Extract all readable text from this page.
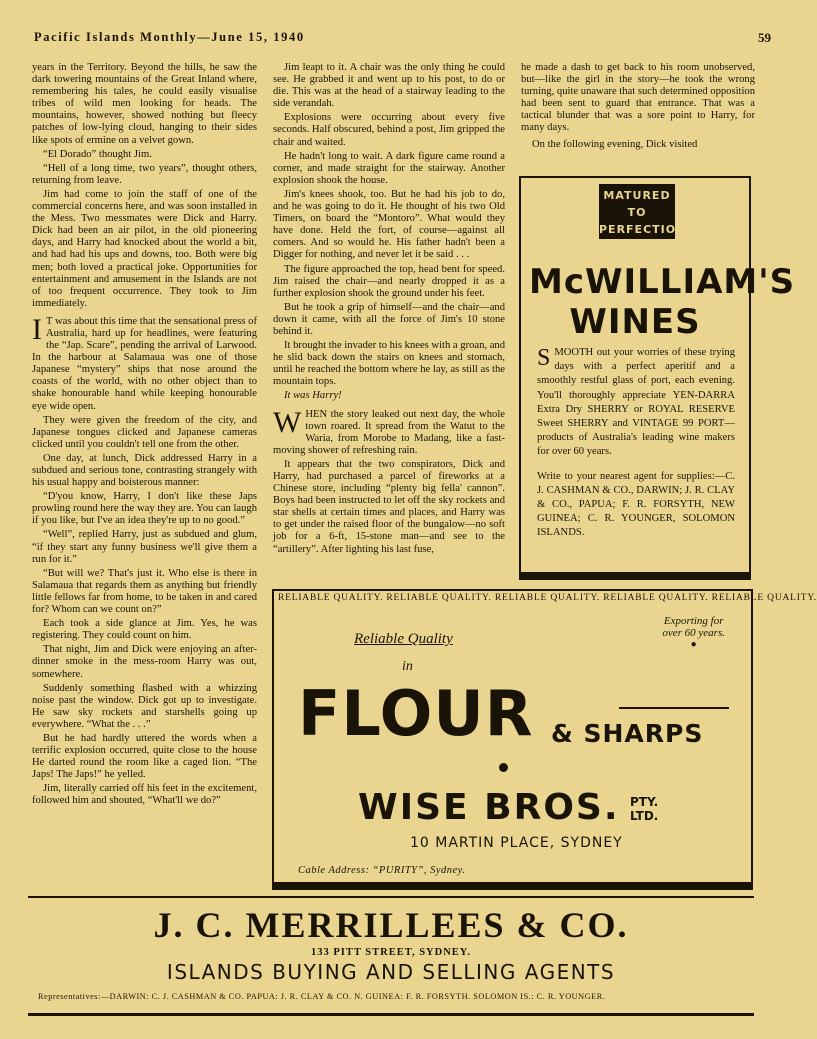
Pacific Islands Monthly—June 15, 1940	59

years in the Territory. Beyond the hills, he saw the dark towering mountains of the Great Inland where, remembering his tales, he could easily visualise tribes of wild men looking for heads. The mountains, however, showed nothing but fleecy patches of low-lying cloud, hanging to their sides like spots of ermine on a velvet gown.

“El Dorado” thought Jim.

“Hell of a long time, two years”, thought others, returning from leave.

Jim had come to join the staff of one of the commercial concerns here, and was soon installed in the Mess. Two messmates were Dick and Harry. Dick had been an air pilot, in the old pioneering days, and Harry had knocked about the world a bit, and had had his ups and downs, too. Both were big men; both loved a practical joke. Opportunities for entertainment and amusement in the Islands are not of too frequent occurrence. They took to Jim immediately.

I T was about this time that the sensational press of Australia, hard up for headlines, were featuring the “Jap. Scare”, pending the arrival of Larwood. In the harbour at Salamaua was one of those Japanese “mystery” ships that nose around the coasts of the world, with no other object than to shake honourable hand while keeping honourable eye wide open.

They were given the freedom of the city, and Japanese tongues clicked and Japanese cameras clicked until you couldn't tell one from the other.

One day, at lunch, Dick addressed Harry in a subdued and serious tone, contrasting strangely with his usual happy and boisterous manner:

“D'you know, Harry, I don't like these Japs prowling round here the way they are. You can laugh if you like, but I've an idea they're up to no good.”

“Well”, replied Harry, just as subdued and glum, “if they start any funny business we'll give them a run for it.”

“But will we? That's just it. Who else is there in Salamaua that regards them as anything but friendly little fellows far from home, to be taken in and cared for? Whom can we count on?”

Each took a side glance at Jim. Yes, he was registering. They could count on him.

That night, Jim and Dick were enjoying an after-dinner smoke in the mess-room Harry was out, somewhere.

Suddenly something flashed with a whizzing noise past the window. Dick got up to investigate. He saw sky rockets and starshells going up everywhere. “What the . . .”

But he had hardly uttered the words when a terrific explosion occurred, quite close to the house He darted round the room like a caged lion. “The Japs! The Japs!” he yelled.

Jim, literally carried off his feet in the excitement, followed him and shouted, “What'll we do?”

Jim leapt to it. A chair was the only thing he could see. He grabbed it and went up to his post, to do or die. This was at the head of a stairway leading to the side verandah.

Explosions were occurring about every five seconds. Half obscured, behind a post, Jim gripped the chair and waited.

He hadn't long to wait. A dark figure came round a corner, and made straight for the stairway. Another explosion shook the house.

Jim's knees shook, too. But he had his job to do, and he was going to do it. He thought of his two Old Timers, on board the “Montoro”. What would they have done. Held the fort, of course—against all comers. And so would he. His father hadn't been a Digger for nothing, and never let it be said . . .

The figure approached the top, head bent for speed. Jim raised the chair—and nearly dropped it as a further explosion shook the ground under his feet.

But he took a grip of himself—and the chair—and down it came, with all the force of Jim's 10 stone behind it.

It brought the invader to his knees with a groan, and he slid back down the stairs on knees and stomach, until he reached the bottom where he lay, as still as the mountain tops.

It was Harry!

WHEN the story leaked out next day, the whole town roared. It spread from the Watut to the Waria, from Morobe to Madang, like a fast-moving shower of refreshing rain.

It appears that the two conspirators, Dick and Harry, had purchased a parcel of fireworks at a Chinese store, including “plenty big fella' cannon”. Boys had been instructed to let off the sky rockets and star shells at certain times and places, and Harry was to get under the raised floor of the bungalow—no soft job for a 6-ft, 15-stone man—and see to the “artillery”. After lighting his last fuse,

he made a dash to get back to his room unobserved, but—like the girl in the story—he took the wrong turning, quite unaware that such determined opposition had been sent to guard that entrance. That was a tactical blunder that was a sore point to Harry, for many days.

On the following evening, Dick visited

MATURED
TO
PERFECTION
McWILLIAM'S
WINES

SMOOTH out your worries of these trying days with a perfect aperitif and a smoothly restful glass of port, each evening. You'll thoroughly appreciate YEN-DARRA Extra Dry SHERRY or ROYAL RESERVE Sweet SHERRY and VINTAGE 99 PORT—products of Australia's leading wine makers for over 60 years.

Write to your nearest agent for supplies:—C. J. CASHMAN & CO., DARWIN; J. R. CLAY & CO., PAPUA; F. R. FORSYTH, NEW GUINEA; C. R. YOUNGER, SOLOMON ISLANDS.

RELIABLE QUALITY. RELIABLE QUALITY. RELIABLE QUALITY. RELIABLE QUALITY. RELIABLE QUALITY.
Reliable Quality
in
Exporting for
over 60 years.
●
FLOUR & SHARPS
WISE BROS. PTY.
LTD.
10 MARTIN PLACE, SYDNEY
Cable Address: “PURITY”, Sydney.
J. C. MERRILLEES & CO.
133 PITT STREET, SYDNEY.
ISLANDS BUYING AND SELLING AGENTS
Representatives:—DARWIN: C. J. CASHMAN & CO. PAPUA: J. R. CLAY & CO. N. GUINEA: F. R. FORSYTH. SOLOMON IS.: C. R. YOUNGER.
